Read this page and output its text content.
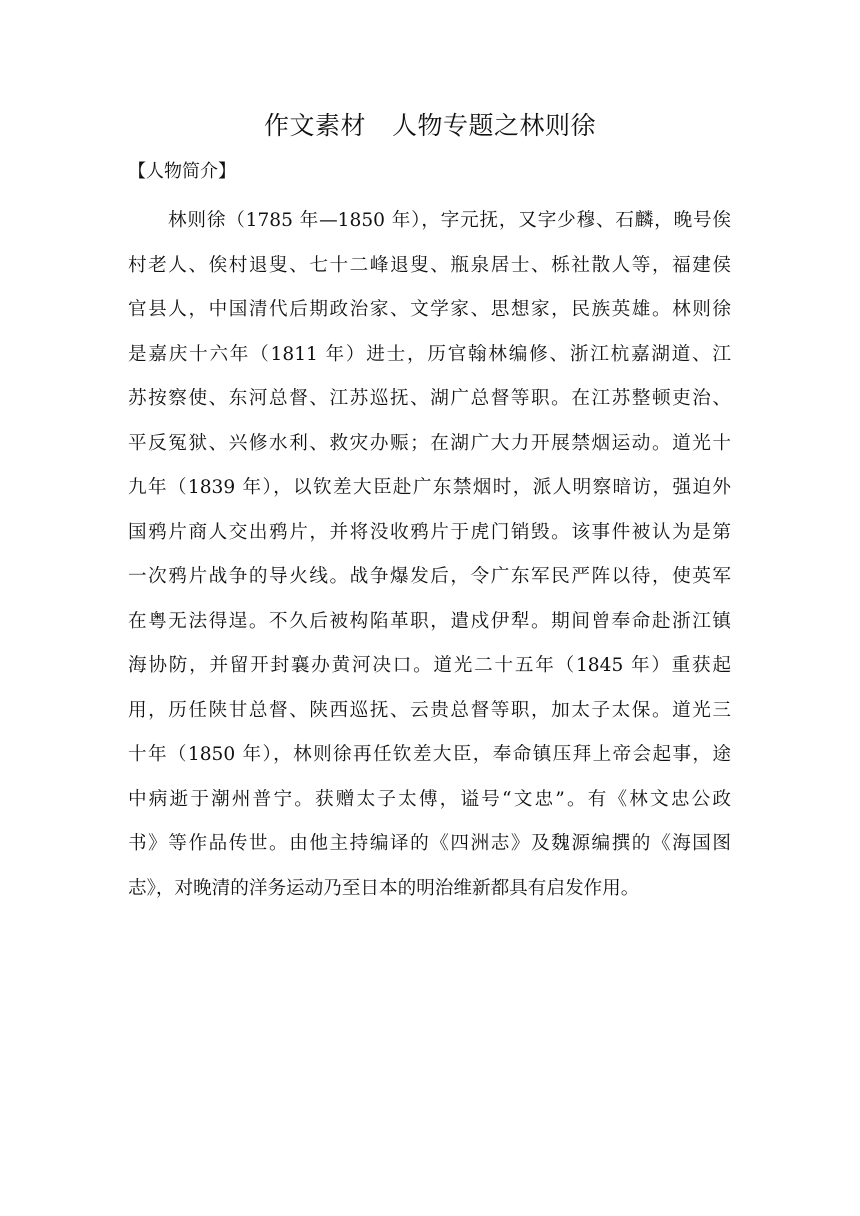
作文素材 人物专题之林则徐
【人物简介】
林则徐（1785 年—1850 年），字元抚，又字少穆、石麟，晚号俟
村老人、俟村退叟、七十二峰退叟、瓶泉居士、栎社散人等，福建侯
官县人，中国清代后期政治家、文学家、思想家，民族英雄。林则徐
是嘉庆十六年（1811 年）进士，历官翰林编修、浙江杭嘉湖道、江
苏按察使、东河总督、江苏巡抚、湖广总督等职。在江苏整顿吏治、
平反冤狱、兴修水利、救灾办赈；在湖广大力开展禁烟运动。道光十
九年（1839 年），以钦差大臣赴广东禁烟时，派人明察暗访，强迫外
国鸦片商人交出鸦片，并将没收鸦片于虎门销毁。该事件被认为是第
一次鸦片战争的导火线。战争爆发后，令广东军民严阵以待，使英军
在粤无法得逞。不久后被构陷革职，遣戍伊犁。期间曾奉命赴浙江镇
海协防，并留开封襄办黄河决口。道光二十五年（1845 年）重获起
用，历任陕甘总督、陕西巡抚、云贵总督等职，加太子太保。道光三
十年（1850 年），林则徐再任钦差大臣，奉命镇压拜上帝会起事，途
中病逝于潮州普宁。获赠太子太傅，谥号“文忠”。有《林文忠公政
书》等作品传世。由他主持编译的《四洲志》及魏源编撰的《海国图
志》，对晚清的洋务运动乃至日本的明治维新都具有启发作用。
